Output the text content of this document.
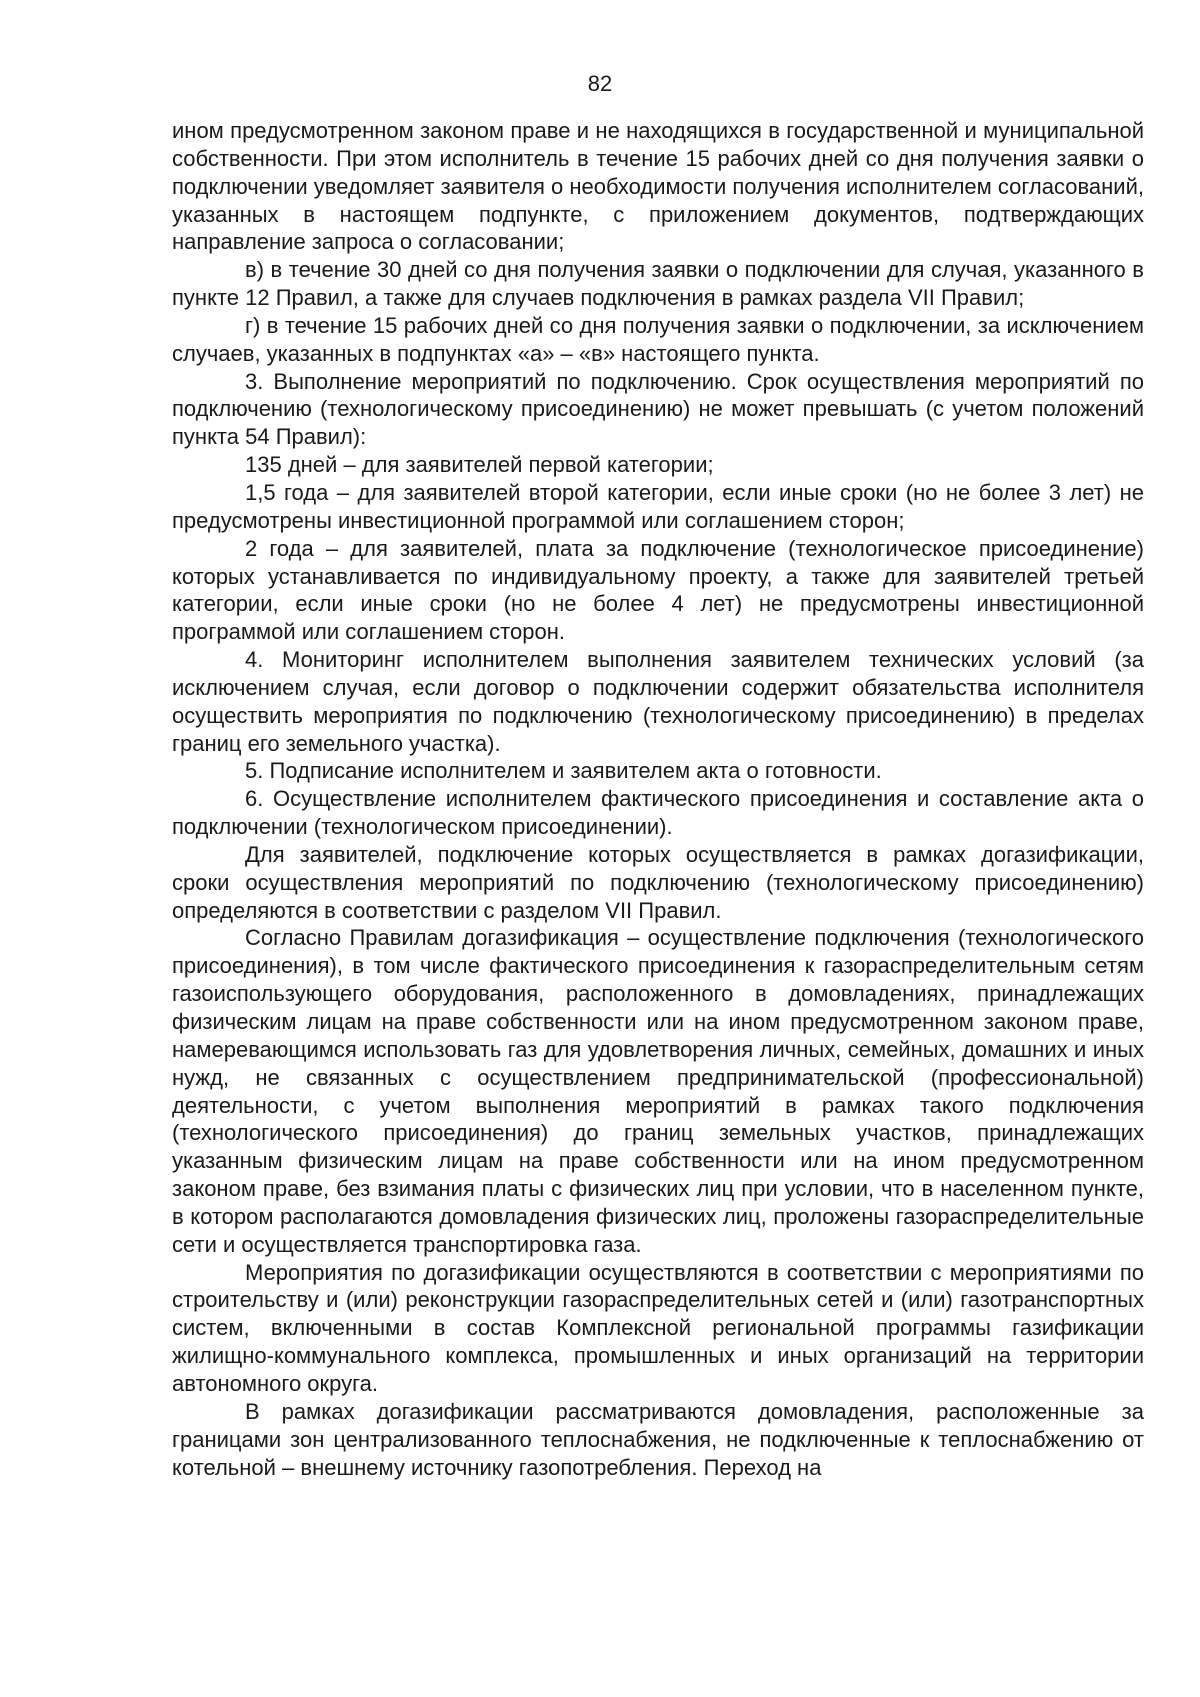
82

ином предусмотренном законом праве и не находящихся в государственной и муниципальной собственности. При этом исполнитель в течение 15 рабочих дней со дня получения заявки о подключении уведомляет заявителя о необходимости получения исполнителем согласований, указанных в настоящем подпункте, с приложением документов, подтверждающих направление запроса о согласовании;

в) в течение 30 дней со дня получения заявки о подключении для случая, указанного в пункте 12 Правил, а также для случаев подключения в рамках раздела VII Правил;

г) в течение 15 рабочих дней со дня получения заявки о подключении, за исключением случаев, указанных в подпунктах «а» – «в» настоящего пункта.

3. Выполнение мероприятий по подключению. Срок осуществления мероприятий по подключению (технологическому присоединению) не может превышать (с учетом положений пункта 54 Правил):

135 дней – для заявителей первой категории;

1,5 года – для заявителей второй категории, если иные сроки (но не более 3 лет) не предусмотрены инвестиционной программой или соглашением сторон;

2 года – для заявителей, плата за подключение (технологическое присоединение) которых устанавливается по индивидуальному проекту, а также для заявителей третьей категории, если иные сроки (но не более 4 лет) не предусмотрены инвестиционной программой или соглашением сторон.

4. Мониторинг исполнителем выполнения заявителем технических условий (за исключением случая, если договор о подключении содержит обязательства исполнителя осуществить мероприятия по подключению (технологическому присоединению) в пределах границ его земельного участка).

5. Подписание исполнителем и заявителем акта о готовности.

6. Осуществление исполнителем фактического присоединения и составление акта о подключении (технологическом присоединении).

Для заявителей, подключение которых осуществляется в рамках догазификации, сроки осуществления мероприятий по подключению (технологическому присоединению) определяются в соответствии с разделом VII Правил.

Согласно Правилам догазификация – осуществление подключения (технологического присоединения), в том числе фактического присоединения к газораспределительным сетям газоиспользующего оборудования, расположенного в домовладениях, принадлежащих физическим лицам на праве собственности или на ином предусмотренном законом праве, намеревающимся использовать газ для удовлетворения личных, семейных, домашних и иных нужд, не связанных с осуществлением предпринимательской (профессиональной) деятельности, с учетом выполнения мероприятий в рамках такого подключения (технологического присоединения) до границ земельных участков, принадлежащих указанным физическим лицам на праве собственности или на ином предусмотренном законом праве, без взимания платы с физических лиц при условии, что в населенном пункте, в котором располагаются домовладения физических лиц, проложены газораспределительные сети и осуществляется транспортировка газа.

Мероприятия по догазификации осуществляются в соответствии с мероприятиями по строительству и (или) реконструкции газораспределительных сетей и (или) газотранспортных систем, включенными в состав Комплексной региональной программы газификации жилищно-коммунального комплекса, промышленных и иных организаций на территории автономного округа.

В рамках догазификации рассматриваются домовладения, расположенные за границами зон централизованного теплоснабжения, не подключенные к теплоснабжению от котельной – внешнему источнику газопотребления. Переход на
